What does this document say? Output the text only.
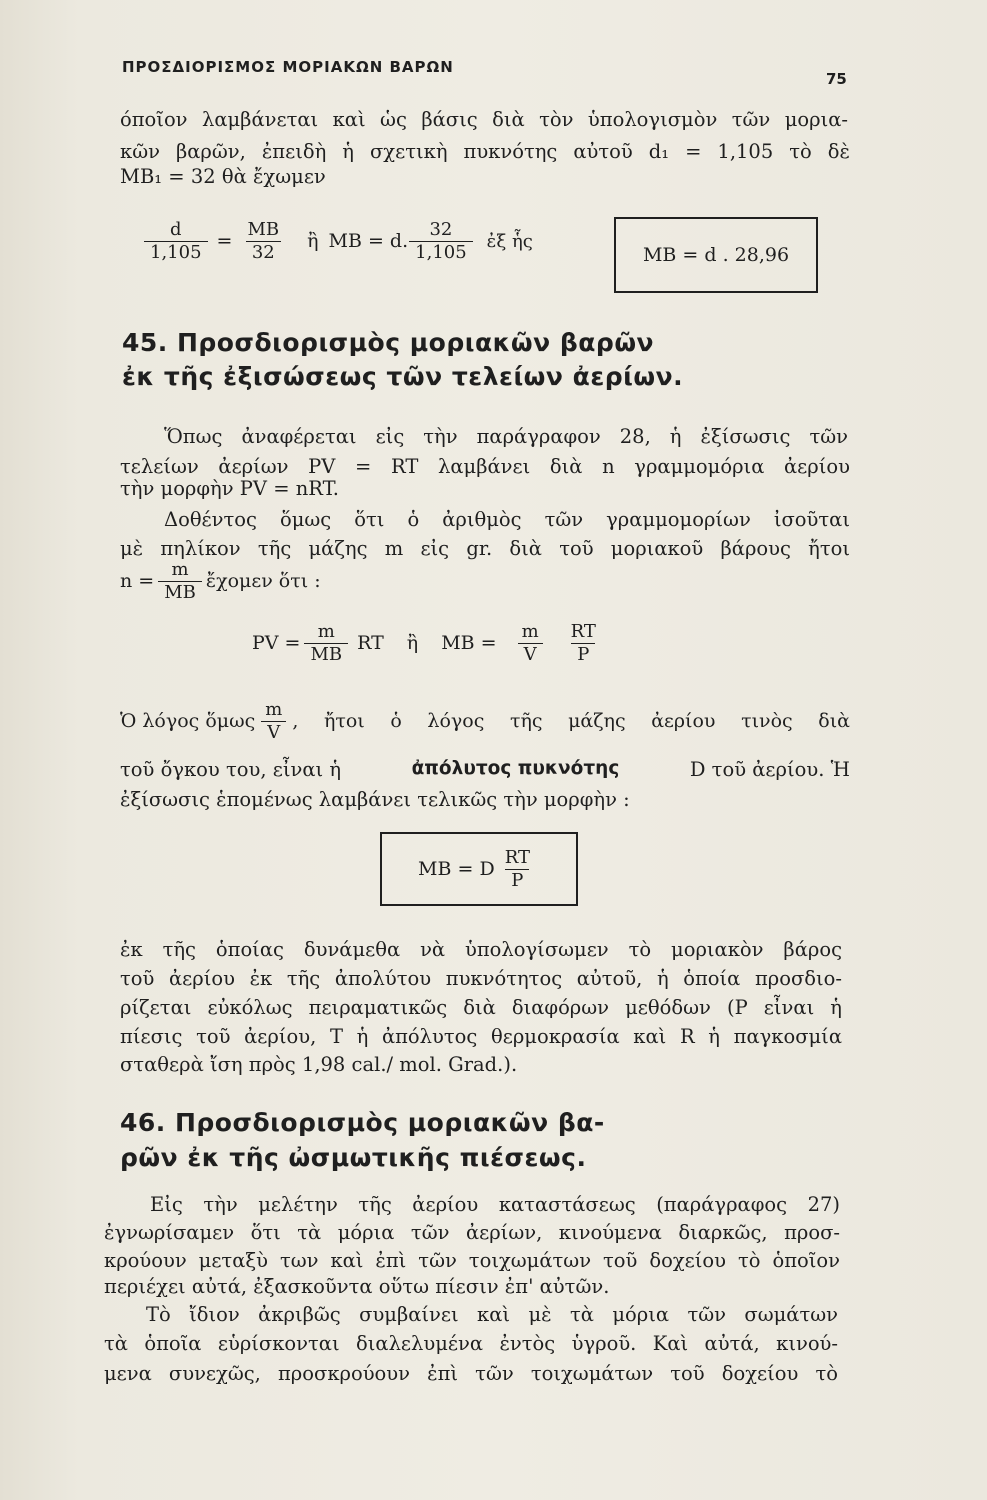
ΠΡΟΣΔΙΟΡΙΣΜΟΣ ΜΟΡΙΑΚΩΝ ΒΑΡΩΝ
75
όποῖον λαμβάνεται καὶ ὡς βάσις διὰ τὸν ὑπολογισμὸν τῶν μορια-
κῶν βαρῶν, ἐπειδὴ ἡ σχετικὴ πυκνότης αὐτοῦ d₁ = 1,105 τὸ δὲ
MB₁ = 32 θὰ ἔχωμεν
$\frac{d}{1,105} = \frac{MB}{32}$ ἢ MB = d. $\frac{32}{1,105}$ ἐξ ἧς
MB = d . 28,96
45. Προσδιορισμὸς μοριακῶν βαρῶν
ἐκ τῆς ἐξισώσεως τῶν τελείων ἀερίων.
Ὅπως ἀναφέρεται εἰς τὴν παράγραφον 28, ἡ ἐξίσωσις τῶν
τελείων ἀερίων PV = RT λαμβάνει διὰ n γραμμομόρια ἀερίου
τὴν μορφὴν PV = nRT.
Δοθέντος ὅμως ὅτι ὁ ἀριθμὸς τῶν γραμμομορίων ἰσοῦται
μὲ πηλίκον τῆς μάζης m εἰς gr. διὰ τοῦ μοριακοῦ βάρους ἤτοι
$n = \frac{m}{MB}$ ἔχομεν ὅτι :
PV = $\frac{m}{MB}$ RT ἢ MB = $\frac{m}{V} \frac{RT}{P}$
Ὁ λόγος ὅμως $\frac{m}{V}$ , ἤτοι ὁ λόγος τῆς μάζης ἀερίου τινὸς διὰ
τοῦ ὄγκου του, εἶναι ἡ	ἀπόλυτος πυκνότης	D τοῦ ἀερίου. Ἡ
ἐξίσωσις ἑπομένως λαμβάνει τελικῶς τὴν μορφὴν :
MB = D $\frac{RT}{P}$
ἐκ τῆς ὁποίας δυνάμεθα νὰ ὑπολογίσωμεν τὸ μοριακὸν βάρος
τοῦ ἀερίου ἐκ τῆς ἀπολύτου πυκνότητος αὐτοῦ, ἡ ὁποία προσδιο-
ρίζεται εὐκόλως πειραματικῶς διὰ διαφόρων μεθόδων (P εἶναι ἡ
πίεσις τοῦ ἀερίου, T ἡ ἀπόλυτος θερμοκρασία καὶ R ἡ παγκοσμία
σταθερὰ ἴση πρὸς 1,98 cal./ mol. Grad.).
46. Προσδιορισμὸς μοριακῶν βα-
ρῶν ἐκ τῆς ὠσμωτικῆς πιέσεως.
Εἰς τὴν μελέτην τῆς ἀερίου καταστάσεως (παράγραφος 27)
ἐγνωρίσαμεν ὅτι τὰ μόρια τῶν ἀερίων, κινούμενα διαρκῶς, προσ-
κρούουν μεταξὺ των καὶ ἐπὶ τῶν τοιχωμάτων τοῦ δοχείου τὸ ὁποῖον
περιέχει αὐτά, ἐξασκοῦντα οὕτω πίεσιν ἐπ' αὐτῶν.
Τὸ ἴδιον ἀκριβῶς συμβαίνει καὶ μὲ τὰ μόρια τῶν σωμάτων
τὰ ὁποῖα εὑρίσκονται διαλελυμένα ἐντὸς ὑγροῦ. Καὶ αὐτά, κινού-
μενα συνεχῶς, προσκρούουν ἐπὶ τῶν τοιχωμάτων τοῦ δοχείου τὸ
